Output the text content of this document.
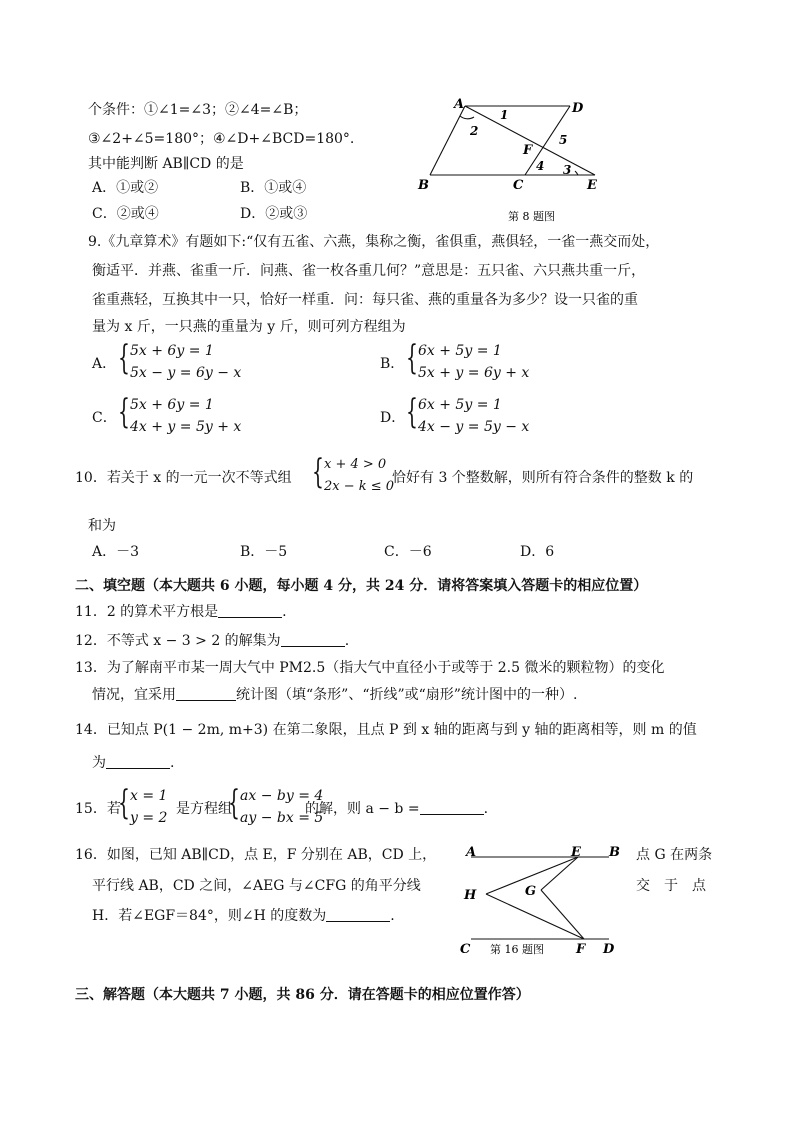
个条件：①∠1=∠3；②∠4=∠B；
③∠2+∠5=180°；④∠D+∠BCD=180°.
其中能判断 AB∥CD 的是
A．①或②	B．①或④
C．②或④	D．②或③
A	D
1
2
5
F
4 3
B	C	E
第 8 题图
9.《九章算术》有题如下:“仅有五雀、六燕，集称之衡，雀俱重，燕俱轻，一雀一燕交而处，
衡适平．并燕、雀重一斤．问燕、雀一枚各重几何？”意思是：五只雀、六只燕共重一斤，
雀重燕轻，互换其中一只，恰好一样重．问：每只雀、燕的重量各为多少？设一只雀的重
量为 x 斤，一只燕的重量为 y 斤，则可列方程组为
A． { 5x + 6y = 1
5x − y = 6y − x
B． { 6x + 5y = 1
5x + y = 6y + x
C． { 5x + 6y = 1
4x + y = 5y + x
D． { 6x + 5y = 1
4x − y = 5y − x
10．若关于 x 的一元一次不等式组 { x + 4 > 0
2x − k ≤ 0
恰好有 3 个整数解，则所有符合条件的整数 k 的
和为
A．－3	B．－5	C．－6	D．6
二、填空题（本大题共 6 小题，每小题 4 分，共 24 分．请将答案填入答题卡的相应位置）
11．2 的算术平方根是	.
12．不等式 x − 3 > 2 的解集为	.
13．为了解南平市某一周大气中 PM2.5（指大气中直径小于或等于 2.5 微米的颗粒物）的变化
情况，宜采用	统计图（填“条形”、“折线”或“扇形”统计图中的一种）.
14．已知点 P(1 − 2m, m+3) 在第二象限，且点 P 到 x 轴的距离与到 y 轴的距离相等，则 m 的值
为	.
15．若
{ x = 1
y = 2
是方程组
{ ax − by = 4
ay − bx = 5
的解，则 a − b =	.
16．如图，已知 AB∥CD，点 E，F 分别在 AB，CD 上，	点 G 在两条
平行线 AB，CD 之间，∠AEG 与∠CFG 的角平分线	交　于　点
H．若∠EGF＝84°，则∠H 的度数为	.
A	E B
H	G
C 第 16 题图 F D
三、解答题（本大题共 7 小题，共 86 分．请在答题卡的相应位置作答）
